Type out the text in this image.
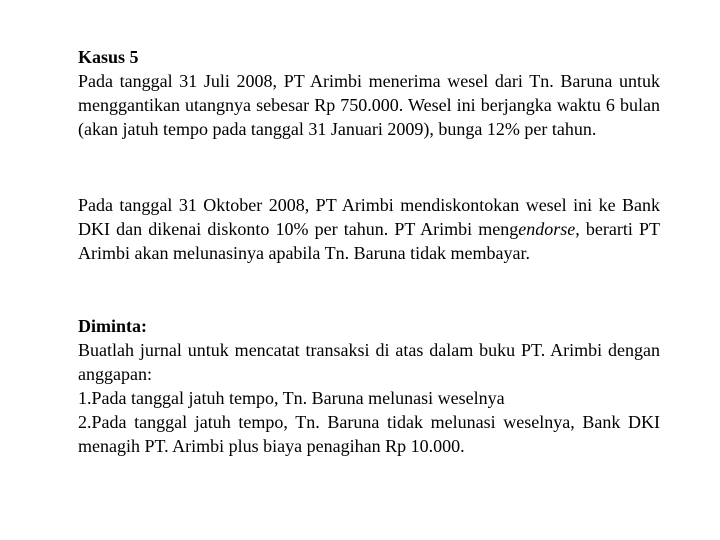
Kasus 5

Pada tanggal 31 Juli 2008, PT Arimbi menerima wesel dari Tn. Baruna untuk menggantikan utangnya sebesar Rp 750.000. Wesel ini berjangka waktu 6 bulan (akan jatuh tempo pada tanggal 31 Januari 2009), bunga 12% per tahun.

Pada tanggal 31 Oktober 2008, PT Arimbi mendiskontokan wesel ini ke Bank DKI dan dikenai diskonto 10% per tahun. PT Arimbi mengendorse, berarti PT Arimbi akan melunasinya apabila Tn. Baruna tidak membayar.

Diminta:

Buatlah jurnal untuk mencatat transaksi di atas dalam buku PT. Arimbi dengan anggapan:

1.Pada tanggal jatuh tempo, Tn. Baruna melunasi weselnya

2.Pada tanggal jatuh tempo, Tn. Baruna tidak melunasi weselnya, Bank DKI menagih PT. Arimbi plus biaya penagihan Rp 10.000.
